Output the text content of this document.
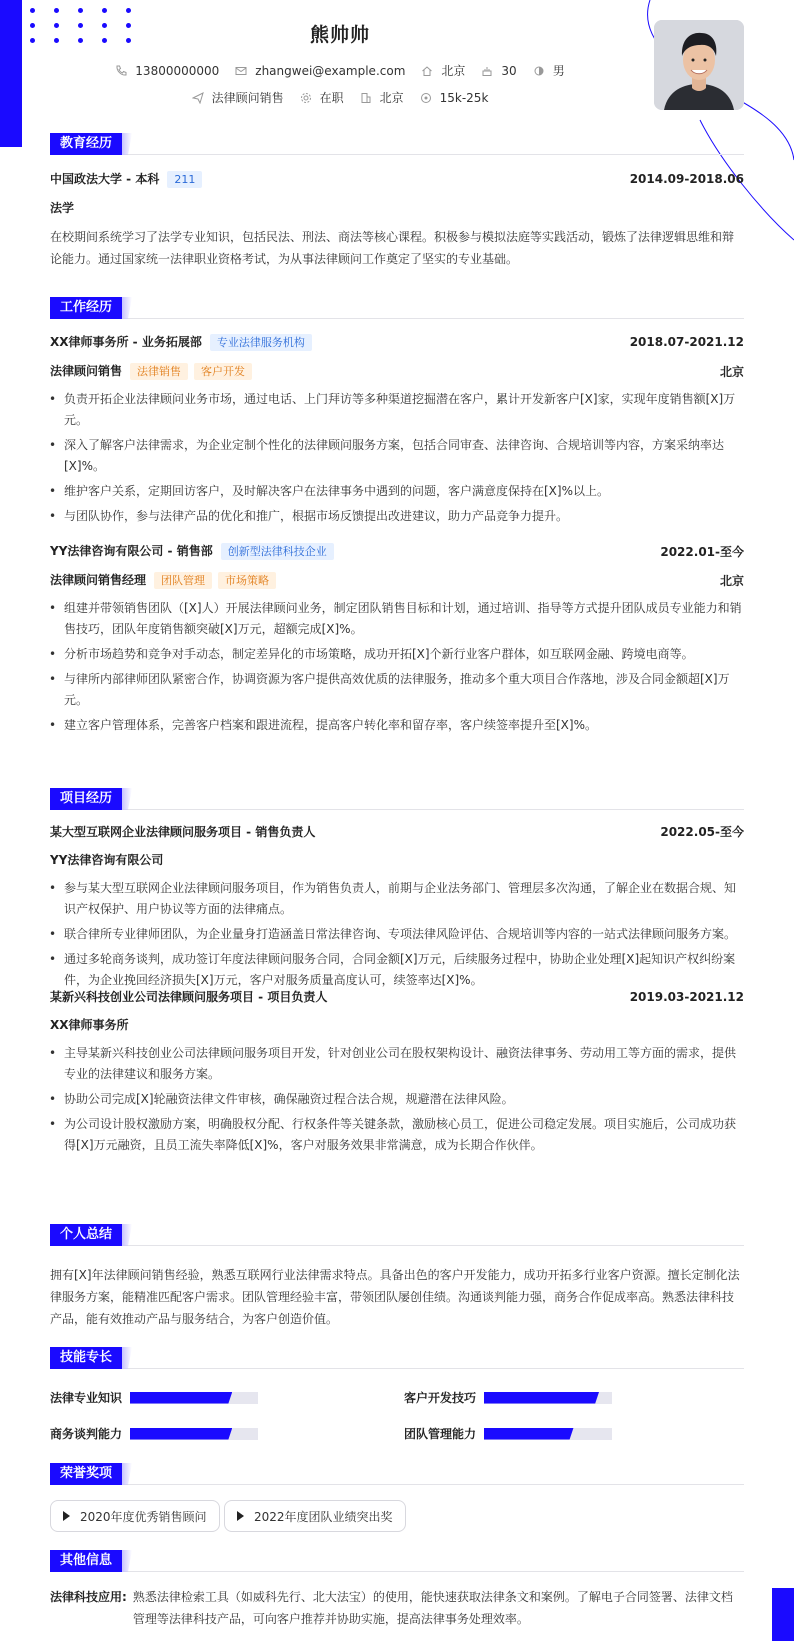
熊帅帅
13800000000	zhangwei@example.com	北京	30	男
法律顾问销售	在职	北京	15k-25k
教育经历
中国政法大学 - 本科 211	2014.09-2018.06
法学
在校期间系统学习了法学专业知识，包括民法、刑法、商法等核心课程。积极参与模拟法庭等实践活动，锻炼了法律逻辑思维和辩论能力。通过国家统一法律职业资格考试，为从事法律顾问工作奠定了坚实的专业基础。
工作经历
XX律师事务所 - 业务拓展部 专业法律服务机构	2018.07-2021.12
法律顾问销售 法律销售 客户开发	北京
• 负责开拓企业法律顾问业务市场，通过电话、上门拜访等多种渠道挖掘潜在客户，累计开发新客户[X]家，实现年度销售额[X]万元。
• 深入了解客户法律需求，为企业定制个性化的法律顾问服务方案，包括合同审查、法律咨询、合规培训等内容，方案采纳率达[X]%。
• 维护客户关系，定期回访客户，及时解决客户在法律事务中遇到的问题，客户满意度保持在[X]%以上。
• 与团队协作，参与法律产品的优化和推广，根据市场反馈提出改进建议，助力产品竞争力提升。
YY法律咨询有限公司 - 销售部 创新型法律科技企业	2022.01-至今
法律顾问销售经理 团队管理 市场策略	北京
• 组建并带领销售团队（[X]人）开展法律顾问业务，制定团队销售目标和计划，通过培训、指导等方式提升团队成员专业能力和销售技巧，团队年度销售额突破[X]万元，超额完成[X]%。
• 分析市场趋势和竞争对手动态，制定差异化的市场策略，成功开拓[X]个新行业客户群体，如互联网金融、跨境电商等。
• 与律所内部律师团队紧密合作，协调资源为客户提供高效优质的法律服务，推动多个重大项目合作落地，涉及合同金额超[X]万元。
• 建立客户管理体系，完善客户档案和跟进流程，提高客户转化率和留存率，客户续签率提升至[X]%。
项目经历
某大型互联网企业法律顾问服务项目 - 销售负责人	2022.05-至今
YY法律咨询有限公司
• 参与某大型互联网企业法律顾问服务项目，作为销售负责人，前期与企业法务部门、管理层多次沟通，了解企业在数据合规、知识产权保护、用户协议等方面的法律痛点。
• 联合律所专业律师团队，为企业量身打造涵盖日常法律咨询、专项法律风险评估、合规培训等内容的一站式法律顾问服务方案。
• 通过多轮商务谈判，成功签订年度法律顾问服务合同，合同金额[X]万元，后续服务过程中，协助企业处理[X]起知识产权纠纷案件，为企业挽回经济损失[X]万元，客户对服务质量高度认可，续签率达[X]%。
某新兴科技创业公司法律顾问服务项目 - 项目负责人	2019.03-2021.12
XX律师事务所
• 主导某新兴科技创业公司法律顾问服务项目开发，针对创业公司在股权架构设计、融资法律事务、劳动用工等方面的需求，提供专业的法律建议和服务方案。
• 协助公司完成[X]轮融资法律文件审核，确保融资过程合法合规，规避潜在法律风险。
• 为公司设计股权激励方案，明确股权分配、行权条件等关键条款，激励核心员工，促进公司稳定发展。项目实施后，公司成功获得[X]万元融资，且员工流失率降低[X]%，客户对服务效果非常满意，成为长期合作伙伴。
个人总结
拥有[X]年法律顾问销售经验，熟悉互联网行业法律需求特点。具备出色的客户开发能力，成功开拓多行业客户资源。擅长定制化法律服务方案，能精准匹配客户需求。团队管理经验丰富，带领团队屡创佳绩。沟通谈判能力强，商务合作促成率高。熟悉法律科技产品，能有效推动产品与服务结合，为客户创造价值。
技能专长
法律专业知识	客户开发技巧
商务谈判能力	团队管理能力
荣誉奖项
2020年度优秀销售顾问	2022年度团队业绩突出奖
其他信息
法律科技应用: 熟悉法律检索工具（如威科先行、北大法宝）的使用，能快速获取法律条文和案例。了解电子合同签署、法律文档管理等法律科技产品，可向客户推荐并协助实施，提高法律事务处理效率。
